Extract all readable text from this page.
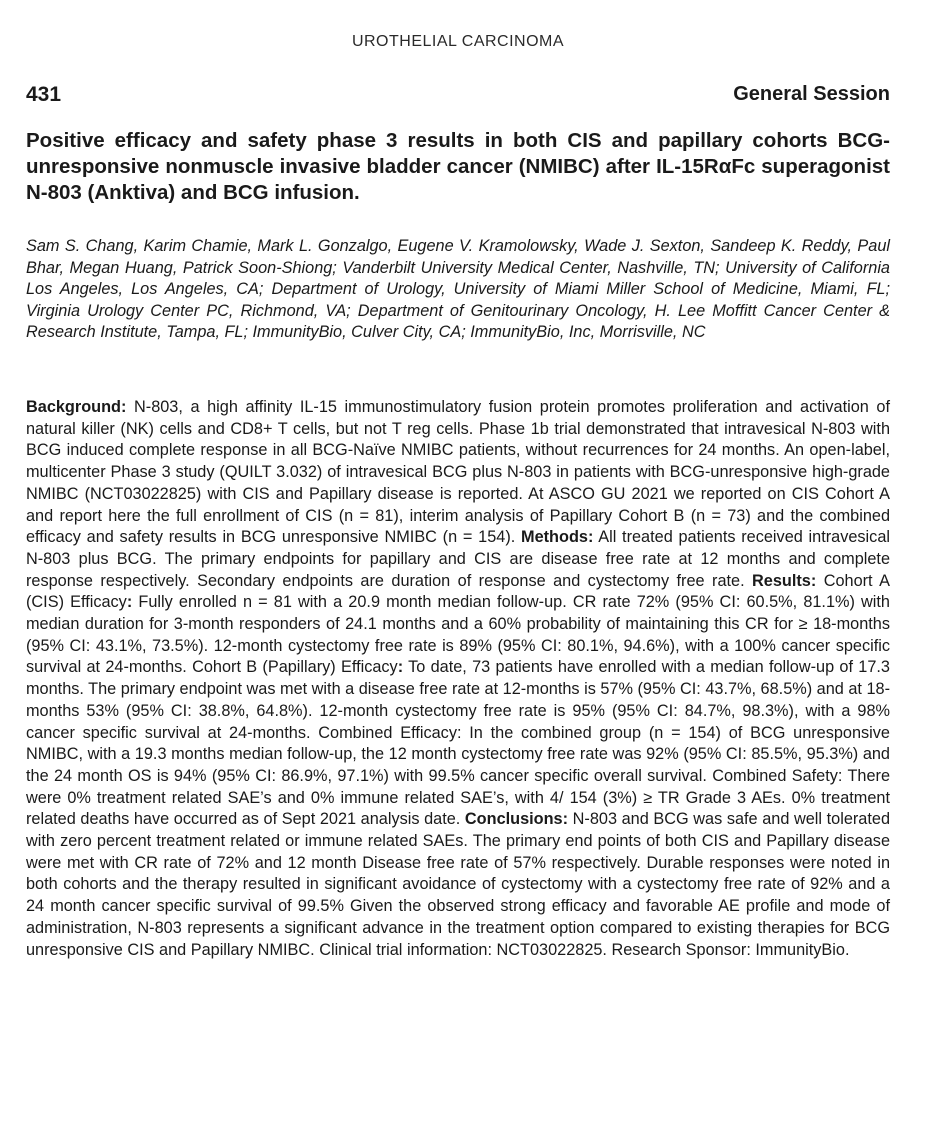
UROTHELIAL CARCINOMA
431	General Session
Positive efficacy and safety phase 3 results in both CIS and papillary cohorts BCG-unresponsive nonmuscle invasive bladder cancer (NMIBC) after IL-15RαFc superagonist N-803 (Anktiva) and BCG infusion.
Sam S. Chang, Karim Chamie, Mark L. Gonzalgo, Eugene V. Kramolowsky, Wade J. Sexton, Sandeep K. Reddy, Paul Bhar, Megan Huang, Patrick Soon-Shiong; Vanderbilt University Medical Center, Nashville, TN; University of California Los Angeles, Los Angeles, CA; Department of Urology, University of Miami Miller School of Medicine, Miami, FL; Virginia Urology Center PC, Richmond, VA; Department of Genitourinary Oncology, H. Lee Moffitt Cancer Center & Research Institute, Tampa, FL; ImmunityBio, Culver City, CA; ImmunityBio, Inc, Morrisville, NC
Background: N-803, a high affinity IL-15 immunostimulatory fusion protein promotes proliferation and activation of natural killer (NK) cells and CD8+ T cells, but not T reg cells. Phase 1b trial demonstrated that intravesical N-803 with BCG induced complete response in all BCG-Naïve NMIBC patients, without recurrences for 24 months. An open-label, multicenter Phase 3 study (QUILT 3.032) of intravesical BCG plus N-803 in patients with BCG-unresponsive high-grade NMIBC (NCT03022825) with CIS and Papillary disease is reported. At ASCO GU 2021 we reported on CIS Cohort A and report here the full enrollment of CIS (n = 81), interim analysis of Papillary Cohort B (n = 73) and the combined efficacy and safety results in BCG unresponsive NMIBC (n = 154). Methods: All treated patients received intravesical N-803 plus BCG. The primary endpoints for papillary and CIS are disease free rate at 12 months and complete response respectively. Secondary endpoints are duration of response and cystectomy free rate. Results: Cohort A (CIS) Efficacy: Fully enrolled n = 81 with a 20.9 month median follow-up. CR rate 72% (95% CI: 60.5%, 81.1%) with median duration for 3-month responders of 24.1 months and a 60% probability of maintaining this CR for ≥ 18-months (95% CI: 43.1%, 73.5%). 12-month cystectomy free rate is 89% (95% CI: 80.1%, 94.6%), with a 100% cancer specific survival at 24-months. Cohort B (Papillary) Efficacy: To date, 73 patients have enrolled with a median follow-up of 17.3 months. The primary endpoint was met with a disease free rate at 12-months is 57% (95% CI: 43.7%, 68.5%) and at 18-months 53% (95% CI: 38.8%, 64.8%). 12-month cystectomy free rate is 95% (95% CI: 84.7%, 98.3%), with a 98% cancer specific survival at 24-months. Combined Efficacy: In the combined group (n = 154) of BCG unresponsive NMIBC, with a 19.3 months median follow-up, the 12 month cystectomy free rate was 92% (95% CI: 85.5%, 95.3%) and the 24 month OS is 94% (95% CI: 86.9%, 97.1%) with 99.5% cancer specific overall survival. Combined Safety: There were 0% treatment related SAE’s and 0% immune related SAE’s, with 4/ 154 (3%) ≥ TR Grade 3 AEs. 0% treatment related deaths have occurred as of Sept 2021 analysis date. Conclusions: N-803 and BCG was safe and well tolerated with zero percent treatment related or immune related SAEs. The primary end points of both CIS and Papillary disease were met with CR rate of 72% and 12 month Disease free rate of 57% respectively. Durable responses were noted in both cohorts and the therapy resulted in significant avoidance of cystectomy with a cystectomy free rate of 92% and a 24 month cancer specific survival of 99.5% Given the observed strong efficacy and favorable AE profile and mode of administration, N-803 represents a significant advance in the treatment option compared to existing therapies for BCG unresponsive CIS and Papillary NMIBC. Clinical trial information: NCT03022825. Research Sponsor: ImmunityBio.
